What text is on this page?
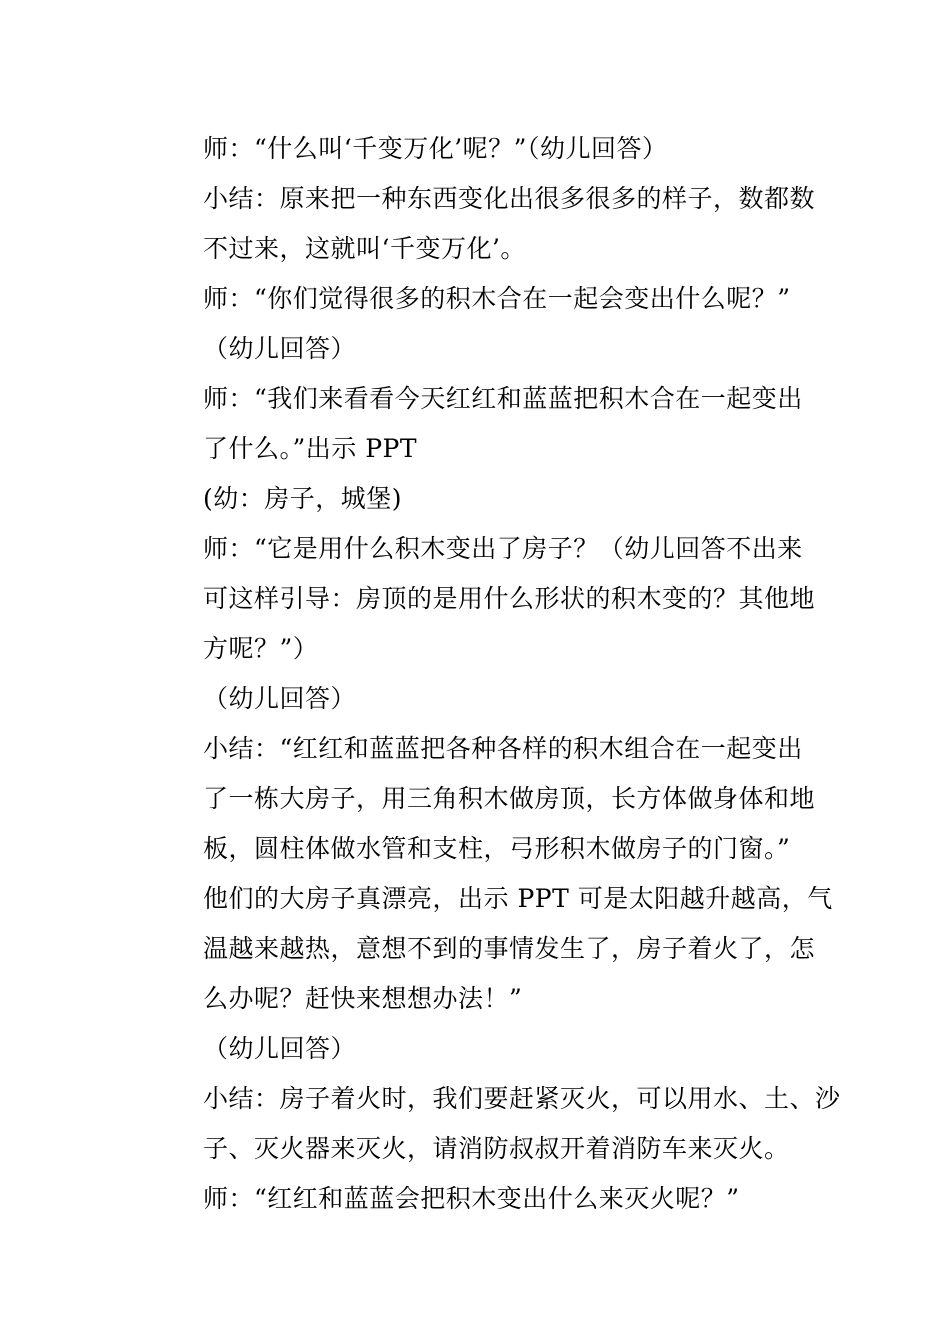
师：“什么叫‘千变万化’呢？”（幼儿回答）
小结：原来把一种东西变化出很多很多的样子，数都数
不过来，这就叫‘千变万化’。
师：“你们觉得很多的积木合在一起会变出什么呢？”
（幼儿回答）
师：“我们来看看今天红红和蓝蓝把积木合在一起变出
了什么。”出示 PPT
(幼：房子，城堡)
师：“它是用什么积木变出了房子？（幼儿回答不出来
可这样引导：房顶的是用什么形状的积木变的？其他地
方呢？”）
（幼儿回答）
小结：“红红和蓝蓝把各种各样的积木组合在一起变出
了一栋大房子，用三角积木做房顶，长方体做身体和地
板，圆柱体做水管和支柱，弓形积木做房子的门窗。”
他们的大房子真漂亮，出示 PPT 可是太阳越升越高，气
温越来越热，意想不到的事情发生了，房子着火了，怎
么办呢？赶快来想想办法！”
（幼儿回答）
小结：房子着火时，我们要赶紧灭火，可以用水、土、沙
子、灭火器来灭火，请消防叔叔开着消防车来灭火。
师：“红红和蓝蓝会把积木变出什么来灭火呢？”
